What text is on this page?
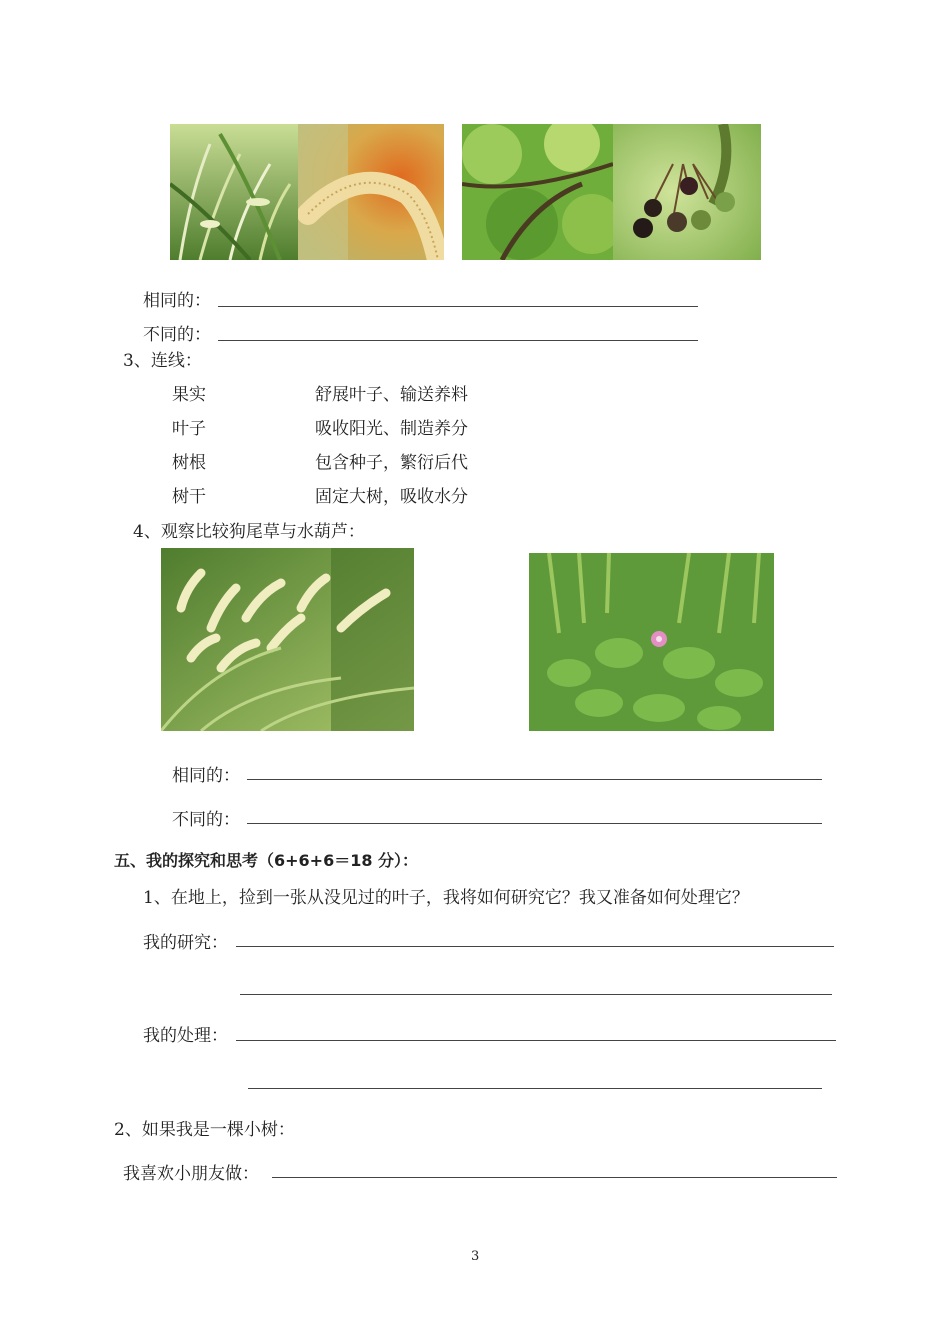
相同的：
不同的：
3、连线：
果实	舒展叶子、输送养料
叶子	吸收阳光、制造养分
树根	包含种子，繁衍后代
树干	固定大树，吸收水分
4、观察比较狗尾草与水葫芦：
相同的：
不同的：
五、我的探究和思考（6+6+6＝18 分）：
1、在地上，捡到一张从没见过的叶子，我将如何研究它？我又准备如何处理它？
我的研究：
我的处理：
2、如果我是一棵小树：
我喜欢小朋友做：
3
